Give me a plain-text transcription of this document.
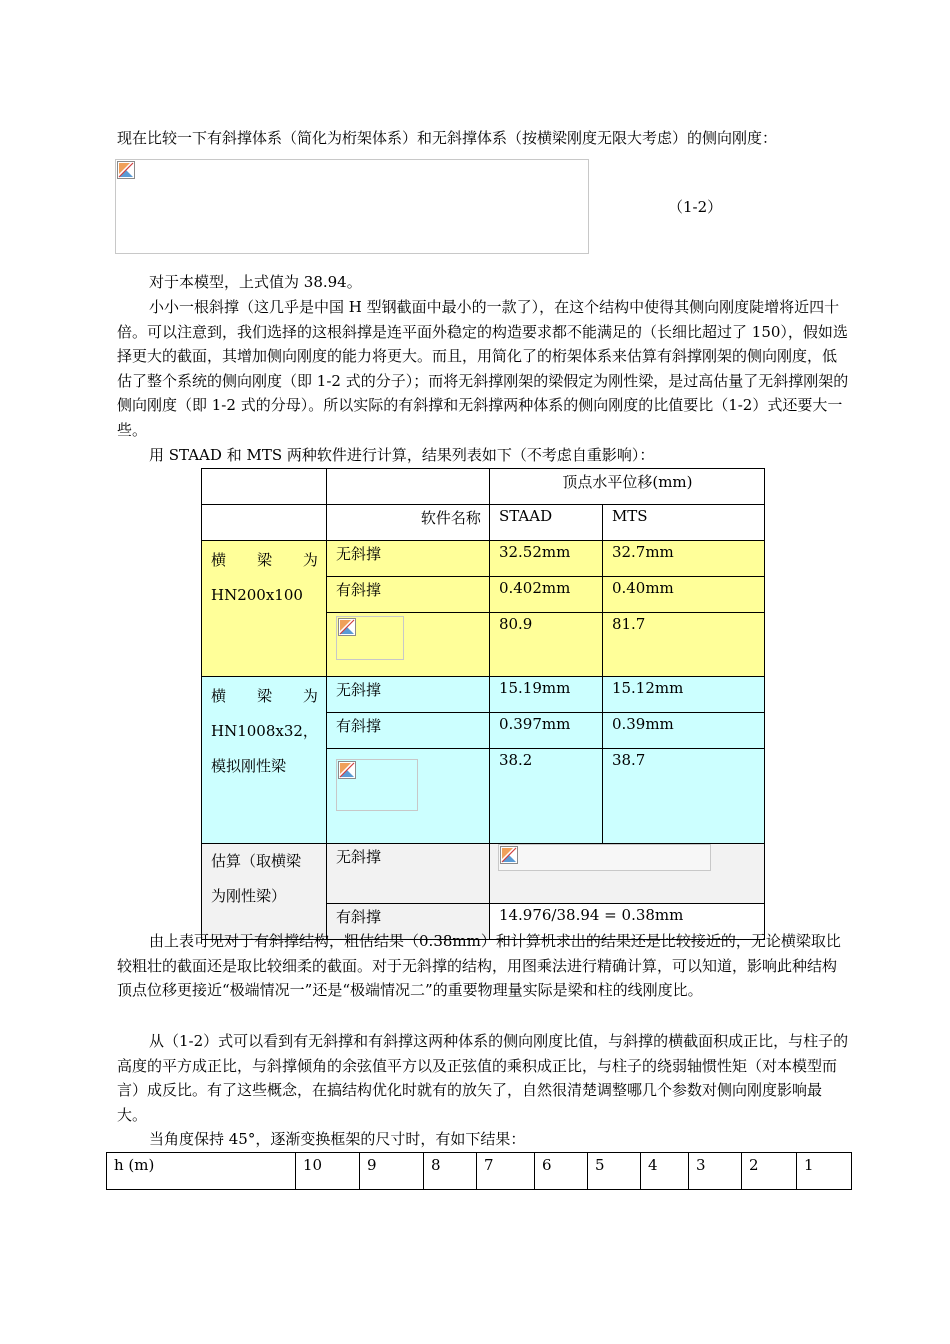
现在比较一下有斜撑体系（简化为桁架体系）和无斜撑体系（按横梁刚度无限大考虑）的侧向刚度：
（1-2）
对于本模型，上式值为 38.94。
小小一根斜撑（这几乎是中国 H 型钢截面中最小的一款了），在这个结构中使得其侧向刚度陡增将近四十倍。可以注意到，我们选择的这根斜撑是连平面外稳定的构造要求都不能满足的（长细比超过了 150），假如选择更大的截面，其增加侧向刚度的能力将更大。而且，用简化了的桁架体系来估算有斜撑刚架的侧向刚度，低估了整个系统的侧向刚度（即 1-2 式的分子）；而将无斜撑刚架的梁假定为刚性梁，是过高估量了无斜撑刚架的侧向刚度（即 1-2 式的分母）。所以实际的有斜撑和无斜撑两种体系的侧向刚度的比值要比（1-2）式还要大一些。
用 STAAD 和 MTS 两种软件进行计算，结果列表如下（不考虑自重影响）：
		顶点水平位移(mm)	
	软件名称	STAAD	MTS

横 梁 为
HN200x100	无斜撑	32.52mm	32.7mm
	有斜撑	0.402mm	0.40mm

	80.9	81.7

横 梁 为
HN1008x32，
模拟刚性梁	无斜撑	15.19mm	15.12mm
	有斜撑	0.397mm	0.39mm

	38.2	38.7

估算（取横梁
为刚性梁）	无斜撑	

	有斜撑	14.976/38.94 = 0.38mm	
由上表可见对于有斜撑结构，粗估结果（0.38mm）和计算机求出的结果还是比较接近的，无论横梁取比较粗壮的截面还是取比较细柔的截面。对于无斜撑的结构，用图乘法进行精确计算，可以知道，影响此种结构顶点位移更接近“极端情况一”还是“极端情况二”的重要物理量实际是梁和柱的线刚度比。
从（1-2）式可以看到有无斜撑和有斜撑这两种体系的侧向刚度比值，与斜撑的横截面积成正比，与柱子的高度的平方成正比，与斜撑倾角的余弦值平方以及正弦值的乘积成正比，与柱子的绕弱轴惯性矩（对本模型而言）成反比。有了这些概念，在搞结构优化时就有的放矢了，自然很清楚调整哪几个参数对侧向刚度影响最大。
当角度保持 45°，逐渐变换框架的尺寸时，有如下结果：
h (m)	10	9	8	7	6	5	4	3	2	1
